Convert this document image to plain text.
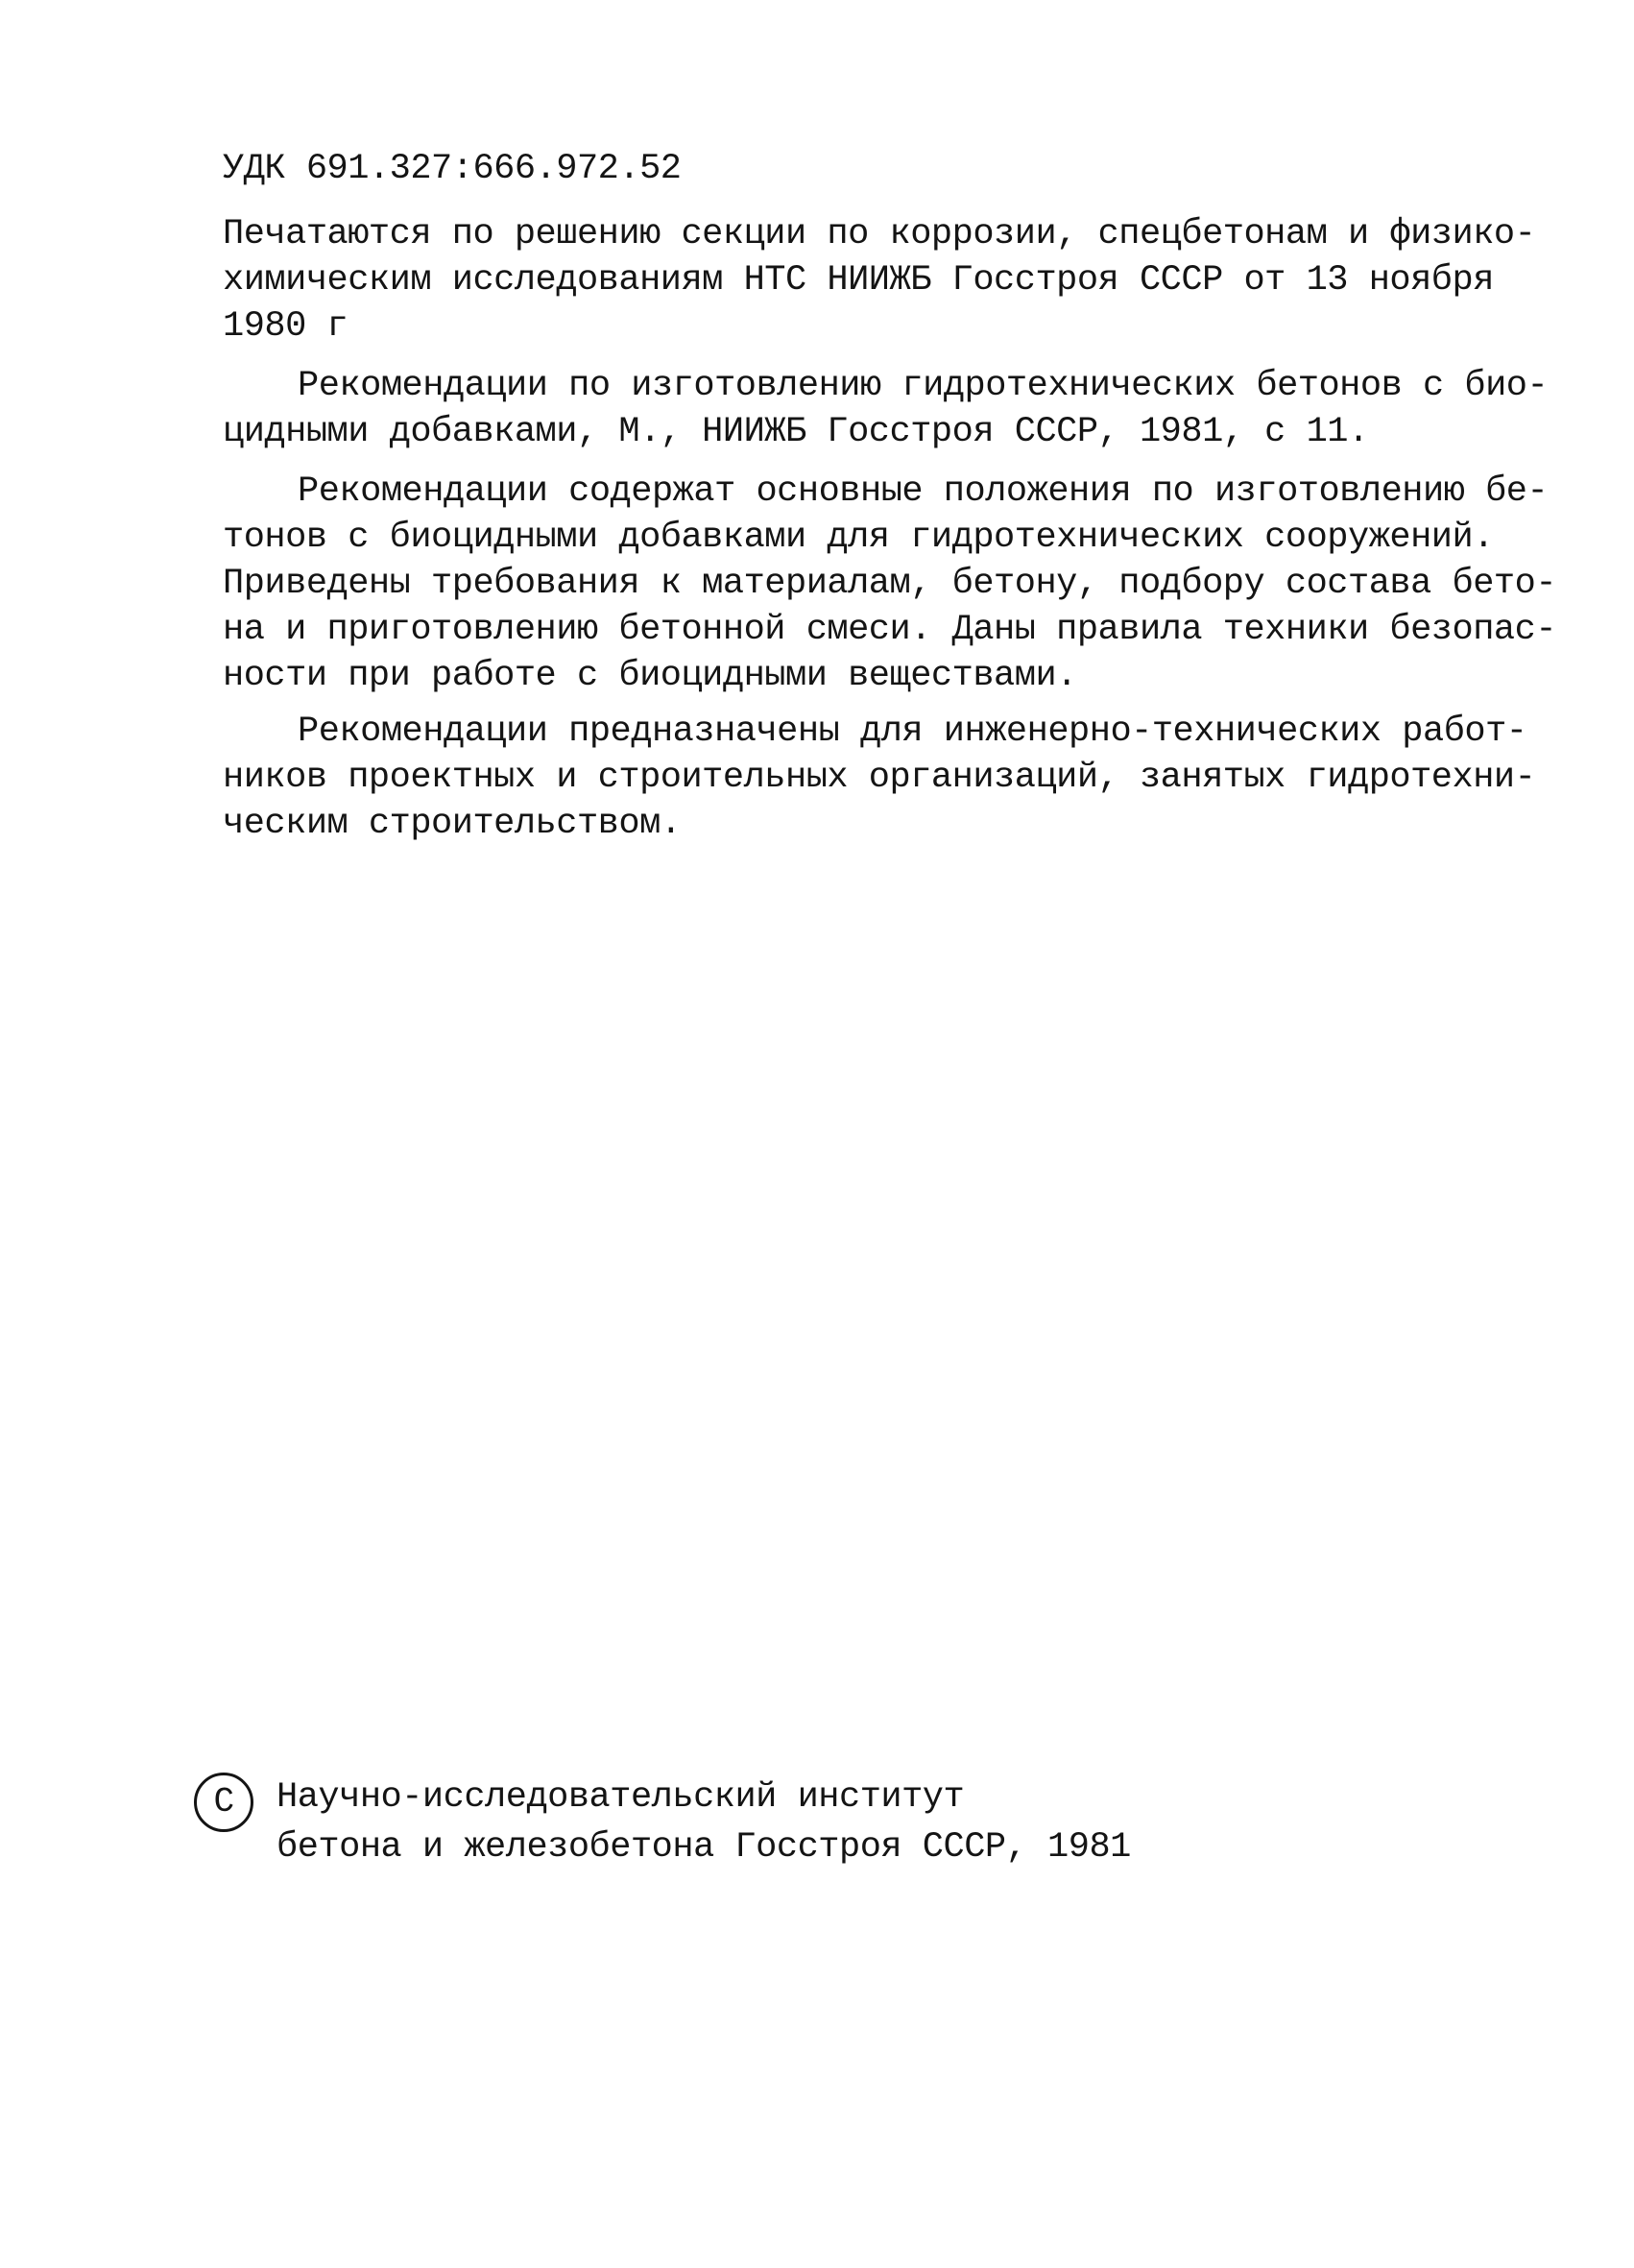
УДК 691.327:666.972.52
Печатаются по решению секции по коррозии, спецбетонам и физико-
химическим исследованиям НТС НИИЖБ Госстроя СССР от 13 ноября
1980 г
Рекомендации по изготовлению гидротехнических бетонов с био-
цидными добавками, М., НИИЖБ Госстроя СССР, 1981, с 11.
Рекомендации содержат основные положения по изготовлению бе-
тонов с биоцидными добавками для гидротехнических сооружений.
Приведены требования к материалам, бетону, подбору состава бето-
на и приготовлению бетонной смеси. Даны правила техники безопас-
ности при работе с биоцидными веществами.
Рекомендации предназначены для инженерно-технических работ-
ников проектных и строительных организаций, занятых гидротехни-
ческим строительством.
С	Научно-исследовательский институт
бетона и железобетона Госстроя СССР, 1981
